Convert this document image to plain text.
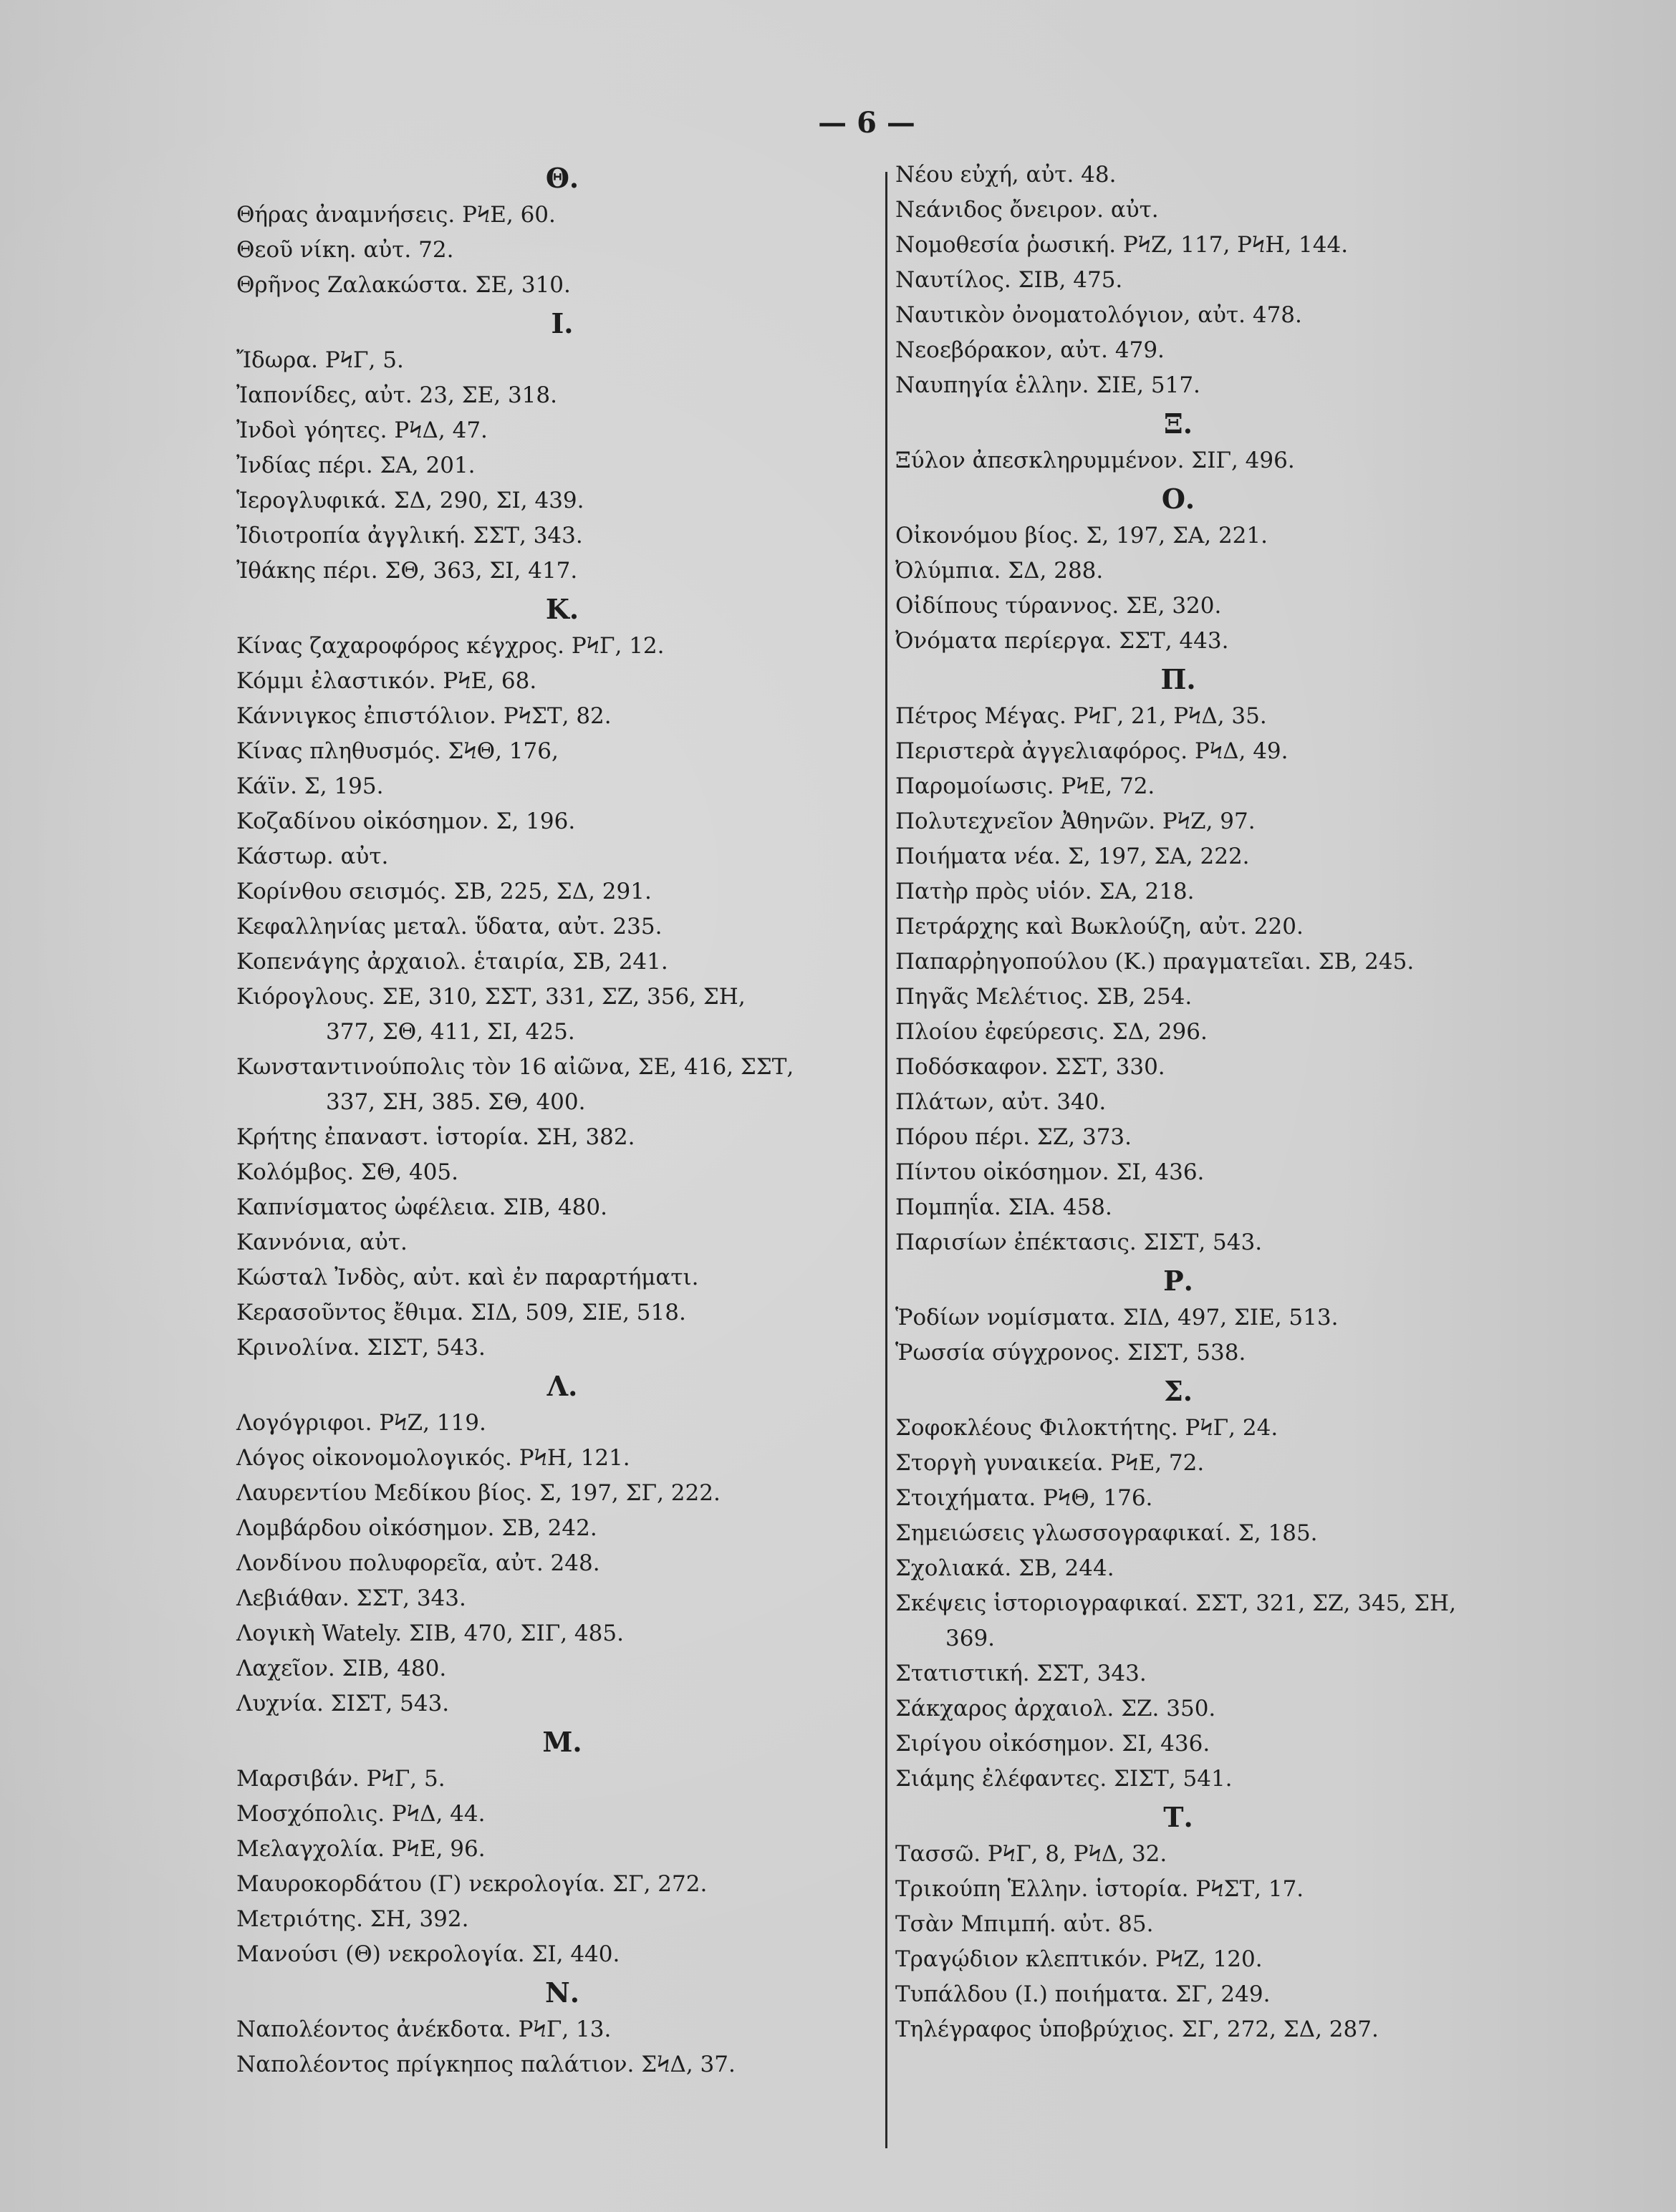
— 6 —
Θ.
Θήρας ἀναμνήσεις. ΡϞΕ, 60.
Θεοῦ νίκη. αὐτ. 72.
Θρῆνος Ζαλακώστα. ΣΕ, 310.
Ι.
Ἴδωρα. ΡϞΓ, 5.
Ἰαπονίδες, αὐτ. 23, ΣΕ, 318.
Ἰνδοὶ γόητες. ΡϞΔ, 47.
Ἰνδίας πέρι. ΣΑ, 201.
Ἱερογλυφικά. ΣΔ, 290, ΣΙ, 439.
Ἰδιοτροπία ἀγγλική. ΣΣΤ, 343.
Ἰθάκης πέρι. ΣΘ, 363, ΣΙ, 417.
Κ.
Κίνας ζαχαροφόρος κέγχρος. ΡϞΓ, 12.
Κόμμι ἐλαστικόν. ΡϞΕ, 68.
Κάννιγκος ἐπιστόλιον. ΡϞΣΤ, 82.
Κίνας πληθυσμός. ΣϞΘ, 176,
Κάϊν. Σ, 195.
Κοζαδίνου οἰκόσημον. Σ, 196.
Κάστωρ. αὐτ.
Κορίνθου σεισμός. ΣΒ, 225, ΣΔ, 291.
Κεφαλληνίας μεταλ. ὕδατα, αὐτ. 235.
Κοπενάγης ἀρχαιολ. ἑταιρία, ΣΒ, 241.
Κιόρογλους. ΣΕ, 310, ΣΣΤ, 331, ΣΖ, 356, ΣΗ,
377, ΣΘ, 411, ΣΙ, 425.
Κωνσταντινούπολις τὸν 16 αἰῶνα, ΣΕ, 416, ΣΣΤ,
337, ΣΗ, 385. ΣΘ, 400.
Κρήτης ἐπαναστ. ἱστορία. ΣΗ, 382.
Κολόμβος. ΣΘ, 405.
Καπνίσματος ὠφέλεια. ΣΙΒ, 480.
Καννόνια, αὐτ.
Κώσταλ Ἰνδὸς, αὐτ. καὶ ἐν παραρτήματι.
Κερασοῦντος ἔθιμα. ΣΙΔ, 509, ΣΙΕ, 518.
Κρινολίνα. ΣΙΣΤ, 543.
Λ.
Λογόγριφοι. ΡϞΖ, 119.
Λόγος οἰκονομολογικός. ΡϞΗ, 121.
Λαυρεντίου Μεδίκου βίος. Σ, 197, ΣΓ, 222.
Λομβάρδου οἰκόσημον. ΣΒ, 242.
Λονδίνου πολυφορεῖα, αὐτ. 248.
Λεβιάθαν. ΣΣΤ, 343.
Λογικὴ Wately. ΣΙΒ, 470, ΣΙΓ, 485.
Λαχεῖον. ΣΙΒ, 480.
Λυχνία. ΣΙΣΤ, 543.
Μ.
Μαρσιβάν. ΡϞΓ, 5.
Μοσχόπολις. ΡϞΔ, 44.
Μελαγχολία. ΡϞΕ, 96.
Μαυροκορδάτου (Γ) νεκρολογία. ΣΓ, 272.
Μετριότης. ΣΗ, 392.
Μανούσι (Θ) νεκρολογία. ΣΙ, 440.
Ν.
Ναπολέοντος ἀνέκδοτα. ΡϞΓ, 13.
Ναπολέοντος πρίγκηπος παλάτιον. ΣϞΔ, 37.
Νέου εὐχή, αὐτ. 48.
Νεάνιδος ὄνειρον. αὐτ.
Νομοθεσία ῥωσική. ΡϞΖ, 117, ΡϞΗ, 144.
Ναυτίλος. ΣΙΒ, 475.
Ναυτικὸν ὀνοματολόγιον, αὐτ. 478.
Νεοεβόρακον, αὐτ. 479.
Ναυπηγία ἑλλην. ΣΙΕ, 517.
Ξ.
Ξύλον ἀπεσκληρυμμένον. ΣΙΓ, 496.
Ο.
Οἰκονόμου βίος. Σ, 197, ΣΑ, 221.
Ὀλύμπια. ΣΔ, 288.
Οἰδίπους τύραννος. ΣΕ, 320.
Ὀνόματα περίεργα. ΣΣΤ, 443.
Π.
Πέτρος Μέγας. ΡϞΓ, 21, ΡϞΔ, 35.
Περιστερὰ ἀγγελιαφόρος. ΡϞΔ, 49.
Παρομοίωσις. ΡϞΕ, 72.
Πολυτεχνεῖον Ἀθηνῶν. ΡϞΖ, 97.
Ποιήματα νέα. Σ, 197, ΣΑ, 222.
Πατὴρ πρὸς υἱόν. ΣΑ, 218.
Πετράρχης καὶ Βωκλούζη, αὐτ. 220.
Παπαρῤηγοπούλου (Κ.) πραγματεῖαι. ΣΒ, 245.
Πηγᾶς Μελέτιος. ΣΒ, 254.
Πλοίου ἐφεύρεσις. ΣΔ, 296.
Ποδόσκαφον. ΣΣΤ, 330.
Πλάτων, αὐτ. 340.
Πόρου πέρι. ΣΖ, 373.
Πίντου οἰκόσημον. ΣΙ, 436.
Πομπηΐα. ΣΙΑ. 458.
Παρισίων ἐπέκτασις. ΣΙΣΤ, 543.
Ρ.
Ῥοδίων νομίσματα. ΣΙΔ, 497, ΣΙΕ, 513.
Ῥωσσία σύγχρονος. ΣΙΣΤ, 538.
Σ.
Σοφοκλέους Φιλοκτήτης. ΡϞΓ, 24.
Στοργὴ γυναικεία. ΡϞΕ, 72.
Στοιχήματα. ΡϞΘ, 176.
Σημειώσεις γλωσσογραφικαί. Σ, 185.
Σχολιακά. ΣΒ, 244.
Σκέψεις ἱστοριογραφικαί. ΣΣΤ, 321, ΣΖ, 345, ΣΗ,
369.
Στατιστική. ΣΣΤ, 343.
Σάκχαρος ἀρχαιολ. ΣΖ. 350.
Σιρίγου οἰκόσημον. ΣΙ, 436.
Σιάμης ἐλέφαντες. ΣΙΣΤ, 541.
Τ.
Τασσῶ. ΡϞΓ, 8, ΡϞΔ, 32.
Τρικούπη Ἑλλην. ἱστορία. ΡϞΣΤ, 17.
Τσὰν Μπιμπή. αὐτ. 85.
Τραγῴδιον κλεπτικόν. ΡϞΖ, 120.
Τυπάλδου (Ι.) ποιήματα. ΣΓ, 249.
Τηλέγραφος ὑποβρύχιος. ΣΓ, 272, ΣΔ, 287.
